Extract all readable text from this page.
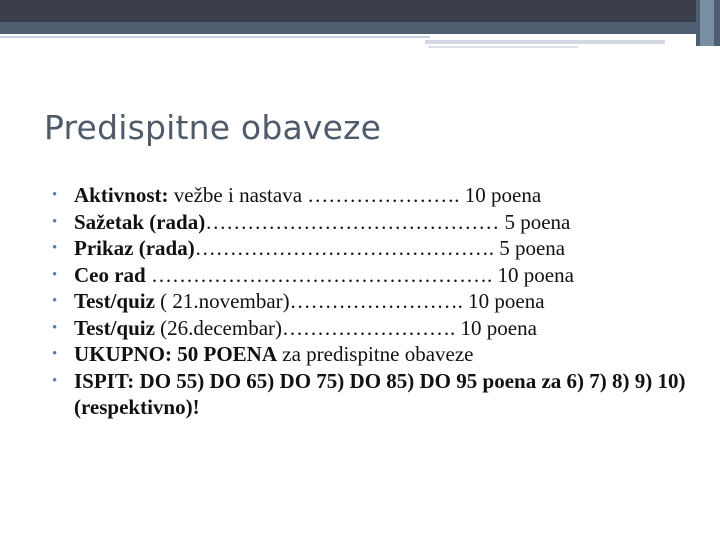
Predispitne obaveze
• Aktivnost: vežbe i nastava …………………. 10 poena
• Sažetak (rada)…………………………………… 5 poena
• Prikaz (rada)……………………………………. 5 poena
• Ceo rad …………………………………………. 10 poena
• Test/quiz ( 21.novembar)……………………. 10 poena
• Test/quiz (26.decembar)……………………. 10 poena
• UKUPNO: 50 POENA za predispitne obaveze
• ISPIT: DO 55) DO 65) DO 75) DO 85) DO 95 poena za 6) 7) 8) 9) 10) (respektivno)!
